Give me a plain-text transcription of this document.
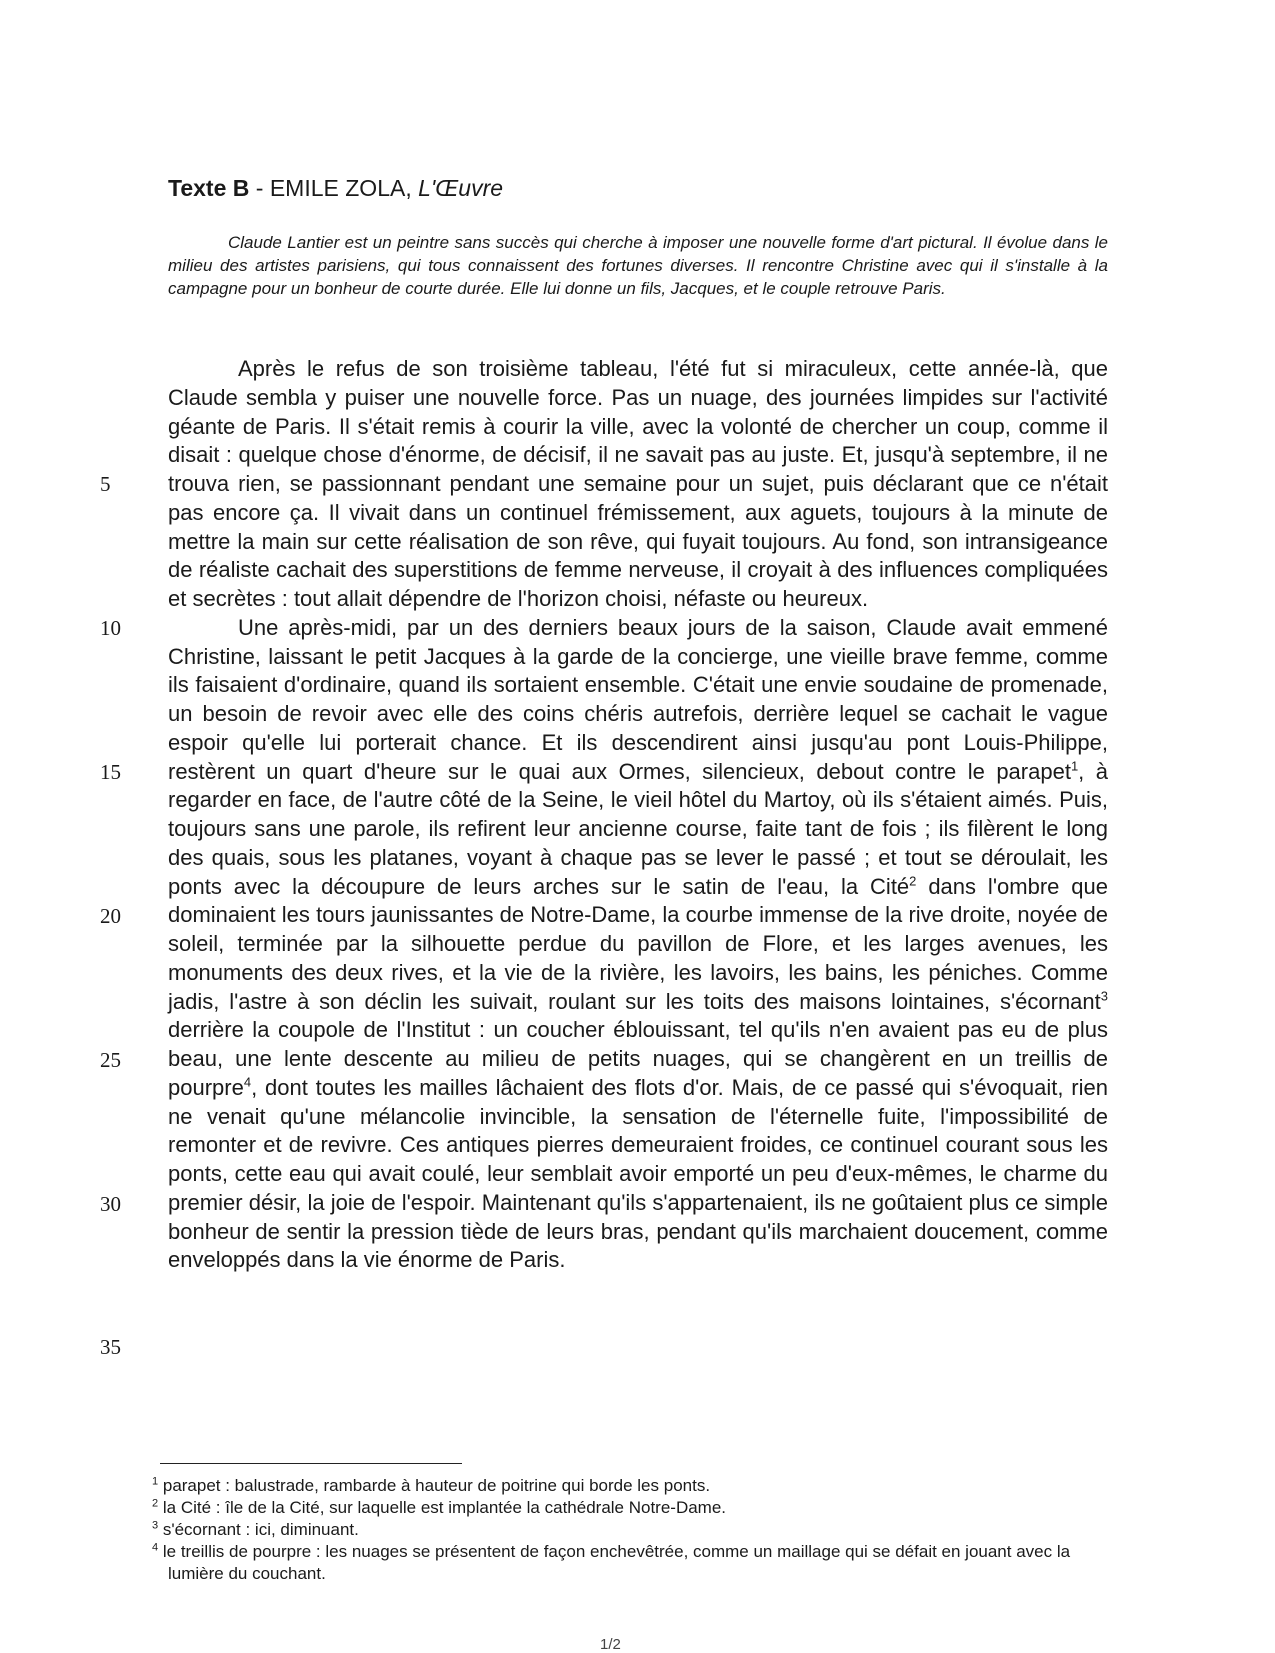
Texte B - EMILE ZOLA, L'Œuvre

Claude Lantier est un peintre sans succès qui cherche à imposer une nouvelle forme d'art pictural. Il évolue dans le milieu des artistes parisiens, qui tous connaissent des fortunes diverses. Il rencontre Christine avec qui il s'installe à la campagne pour un bonheur de courte durée. Elle lui donne un fils, Jacques, et le couple retrouve Paris.

5
10
15
20
25
30
35

Après le refus de son troisième tableau, l'été fut si miraculeux, cette année-là, que Claude sembla y puiser une nouvelle force. Pas un nuage, des journées limpides sur l'activité géante de Paris. Il s'était remis à courir la ville, avec la volonté de chercher un coup, comme il disait : quelque chose d'énorme, de décisif, il ne savait pas au juste. Et, jusqu'à septembre, il ne trouva rien, se passionnant pendant une semaine pour un sujet, puis déclarant que ce n'était pas encore ça. Il vivait dans un continuel frémissement, aux aguets, toujours à la minute de mettre la main sur cette réalisation de son rêve, qui fuyait toujours. Au fond, son intransigeance de réaliste cachait des superstitions de femme nerveuse, il croyait à des influences compliquées et secrètes : tout allait dépendre de l'horizon choisi, néfaste ou heureux.

Une après-midi, par un des derniers beaux jours de la saison, Claude avait emmené Christine, laissant le petit Jacques à la garde de la concierge, une vieille brave femme, comme ils faisaient d'ordinaire, quand ils sortaient ensemble. C'était une envie soudaine de promenade, un besoin de revoir avec elle des coins chéris autrefois, derrière lequel se cachait le vague espoir qu'elle lui porterait chance. Et ils descendirent ainsi jusqu'au pont Louis-Philippe, restèrent un quart d'heure sur le quai aux Ormes, silencieux, debout contre le parapet$^1$, à regarder en face, de l'autre côté de la Seine, le vieil hôtel du Martoy, où ils s'étaient aimés. Puis, toujours sans une parole, ils refirent leur ancienne course, faite tant de fois ; ils filèrent le long des quais, sous les platanes, voyant à chaque pas se lever le passé ; et tout se déroulait, les ponts avec la découpure de leurs arches sur le satin de l'eau, la Cité$^2$ dans l'ombre que dominaient les tours jaunissantes de Notre-Dame, la courbe immense de la rive droite, noyée de soleil, terminée par la silhouette perdue du pavillon de Flore, et les larges avenues, les monuments des deux rives, et la vie de la rivière, les lavoirs, les bains, les péniches. Comme jadis, l'astre à son déclin les suivait, roulant sur les toits des maisons lointaines, s'écornant$^3$ derrière la coupole de l'Institut : un coucher éblouissant, tel qu'ils n'en avaient pas eu de plus beau, une lente descente au milieu de petits nuages, qui se changèrent en un treillis de pourpre$^4$, dont toutes les mailles lâchaient des flots d'or. Mais, de ce passé qui s'évoquait, rien ne venait qu'une mélancolie invincible, la sensation de l'éternelle fuite, l'impossibilité de remonter et de revivre. Ces antiques pierres demeuraient froides, ce continuel courant sous les ponts, cette eau qui avait coulé, leur semblait avoir emporté un peu d'eux-mêmes, le charme du premier désir, la joie de l'espoir. Maintenant qu'ils s'appartenaient, ils ne goûtaient plus ce simple bonheur de sentir la pression tiède de leurs bras, pendant qu'ils marchaient doucement, comme enveloppés dans la vie énorme de Paris.

$^1$ parapet : balustrade, rambarde à hauteur de poitrine qui borde les ponts.

$^2$ la Cité : île de la Cité, sur laquelle est implantée la cathédrale Notre-Dame.

$^3$ s'écornant : ici, diminuant.

$^4$ le treillis de pourpre : les nuages se présentent de façon enchevêtrée, comme un maillage qui se défait en jouant avec la lumière du couchant.

1/2
